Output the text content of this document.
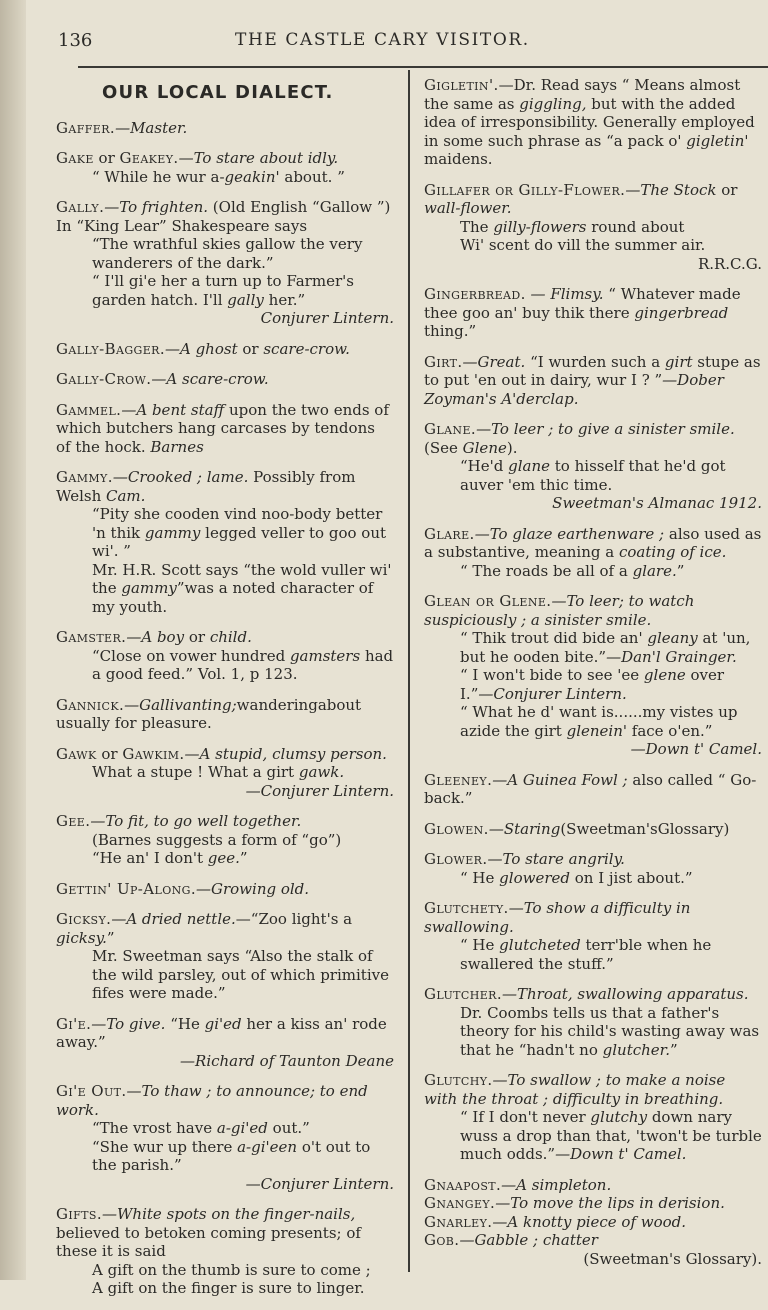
136	THE CASTLE CARY VISITOR.
OUR LOCAL DIALECT.
Gaffer.—Master.
Gake or Geakey.—To stare about idly.
“ While he wur a-geakin' about. ”
Gally.—To frighten. (Old English “Gallow ”) In “King Lear” Shakespeare says
“The wrathful skies gallow the very wanderers of the dark.”
“ I'll gi'e her a turn up to Farmer's garden hatch. I'll gally her.”
Conjurer Lintern.
Gally-Bagger.—A ghost or scare-crow.
Gally-Crow.—A scare-crow.
Gammel.—A bent staff upon the two ends of which butchers hang carcases by tendons of the hock. Barnes
Gammy.—Crooked ; lame. Possibly from Welsh Cam.
“Pity she cooden vind noo-body better 'n thik gammy legged veller to goo out wi'. ”
Mr. H.R. Scott says “the wold vuller wi' the gammy”was a noted character of my youth.
Gamster.—A boy or child.
“Close on vower hundred gamsters had a good feed.” Vol. 1, p 123.
Gannick.—Gallivanting;wanderingabout usually for pleasure.
Gawk or Gawkim.—A stupid, clumsy person.
What a stupe ! What a girt gawk.
—Conjurer Lintern.
Gee.—To fit, to go well together.
(Barnes suggests a form of “go”)
“He an' I don't gee.”
Gettin' Up-Along.—Growing old.
Gicksy.—A dried nettle.—“Zoo light's a gicksy.”
Mr. Sweetman says “Also the stalk of the wild parsley, out of which primitive fifes were made.”
Gi'e.—To give. “He gi'ed her a kiss an' rode away.”
—Richard of Taunton Deane
Gi'e Out.—To thaw ; to announce; to end work.
“The vrost have a-gi'ed out.”
“She wur up there a-gi'een o't out to the parish.”
—Conjurer Lintern.
Gifts.—White spots on the finger-nails, believed to betoken coming presents; of these it is said
A gift on the thumb is sure to come ;
A gift on the finger is sure to linger.
Gigletin'.—Dr. Read says “ Means almost the same as giggling, but with the added idea of irresponsibility. Generally employed in some such phrase as “a pack o' gigletin' maidens.
Gillafer or Gilly-Flower.—The Stock or wall-flower.
The gilly-flowers round about
Wi' scent do vill the summer air.
R.R.C.G.
Gingerbread. — Flimsy. “ Whatever made thee goo an' buy thik there gingerbread thing.”
Girt.—Great. “I wurden such a girt stupe as to put 'en out in dairy, wur I ? ”—Dober Zoyman's A'derclap.
Glane.—To leer ; to give a sinister smile. (See Glene).
“He'd glane to hisself that he'd got auver 'em thic time.
Sweetman's Almanac 1912.
Glare.—To glaze earthenware ; also used as a substantive, meaning a coating of ice.
“ The roads be all of a glare.”
Glean or Glene.—To leer; to watch suspiciously ; a sinister smile.
“ Thik trout did bide an' gleany at 'un, but he ooden bite.”—Dan'l Grainger.
“ I won't bide to see 'ee glene over I.”—Conjurer Lintern.
“ What he d' want is......my vistes up azide the girt glenein' face o'en.”
—Down t' Camel.
Gleeney.—A Guinea Fowl ; also called “ Go-back.”
Glowen.—Staring(Sweetman'sGlossary)
Glower.—To stare angrily.
“ He glowered on I jist about.”
Glutchety.—To show a difficulty in swallowing.
“ He glutcheted terr'ble when he swallered the stuff.”
Glutcher.—Throat, swallowing apparatus.
Dr. Coombs tells us that a father's theory for his child's wasting away was that he “hadn't no glutcher.”
Glutchy.—To swallow ; to make a noise with the throat ; difficulty in breathing.
“ If I don't never glutchy down nary wuss a drop than that, 'twon't be turble much odds.”—Down t' Camel.
Gnaapost.—A simpleton.
Gnangey.—To move the lips in derision.
Gnarley.—A knotty piece of wood.
Gob.—Gabble ; chatter
(Sweetman's Glossary).
